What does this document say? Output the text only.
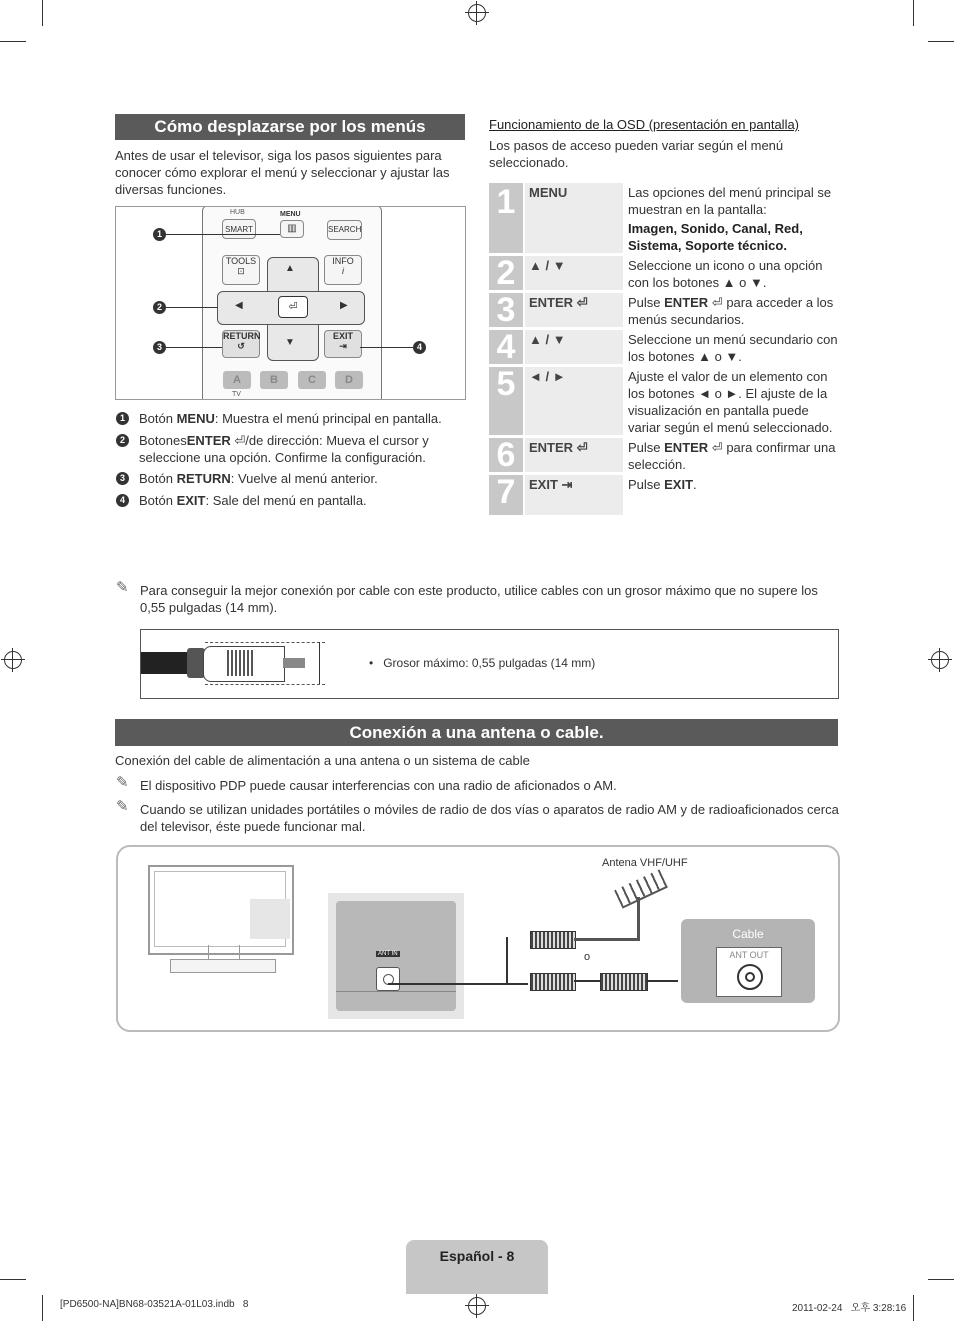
Cómo desplazarse por los menús
Antes de usar el televisor, siga los pasos siguientes para conocer cómo explorar el menú y seleccionar y ajustar las diversas funciones.
HUB
SMART
MENU
▥	SEARCH
TOOLS
⊡
INFO
i
▲
▼
◀	▶
⏎
RETURN
↺
EXIT
⇥
A	B	C	D
TV
1
2
3	4
1	Botón MENU: Muestra el menú principal en pantalla.
2	BotonesENTER ⏎/de dirección: Mueva el cursor y seleccione una opción. Confirme la configuración.
3	Botón RETURN: Vuelve al menú anterior.
4	Botón EXIT: Sale del menú en pantalla.
Funcionamiento de la OSD (presentación en pantalla)
Los pasos de acceso pueden variar según el menú seleccionado.
1	MENU	Las opciones del menú principal se muestran en la pantalla:
Imagen, Sonido, Canal, Red, Sistema, Soporte técnico.
2	▲ / ▼	Seleccione un icono o una opción con los botones ▲ o ▼.
3	ENTER ⏎	Pulse ENTER ⏎ para acceder a los menús secundarios.
4	▲ / ▼	Seleccione un menú secundario con los botones ▲ o ▼.
5	◄ / ►	Ajuste el valor de un elemento con los botones ◄ o ►. El ajuste de la visualización en pantalla puede variar según el menú seleccionado.
6	ENTER ⏎	Pulse ENTER ⏎ para confirmar una selección.
7	EXIT ⇥	Pulse EXIT.
✎ Para conseguir la mejor conexión por cable con este producto, utilice cables con un grosor máximo que no supere los 0,55 pulgadas (14 mm).
•   Grosor máximo: 0,55 pulgadas (14 mm)
Conexión a una antena o cable.
Conexión del cable de alimentación a una antena o un sistema de cable
✎ El dispositivo PDP puede causar interferencias con una radio de aficionados o AM.
✎ Cuando se utilizan unidades portátiles o móviles de radio de dos vías o aparatos de radio AM y de radioaficionados cerca del televisor, éste puede funcionar mal.
ANT IN	o
Antena VHF/UHF
Cable
ANT OUT
Español - 8
[PD6500-NA]BN68-03521A-01L03.indb   8	2011-02-24   오후 3:28:16
